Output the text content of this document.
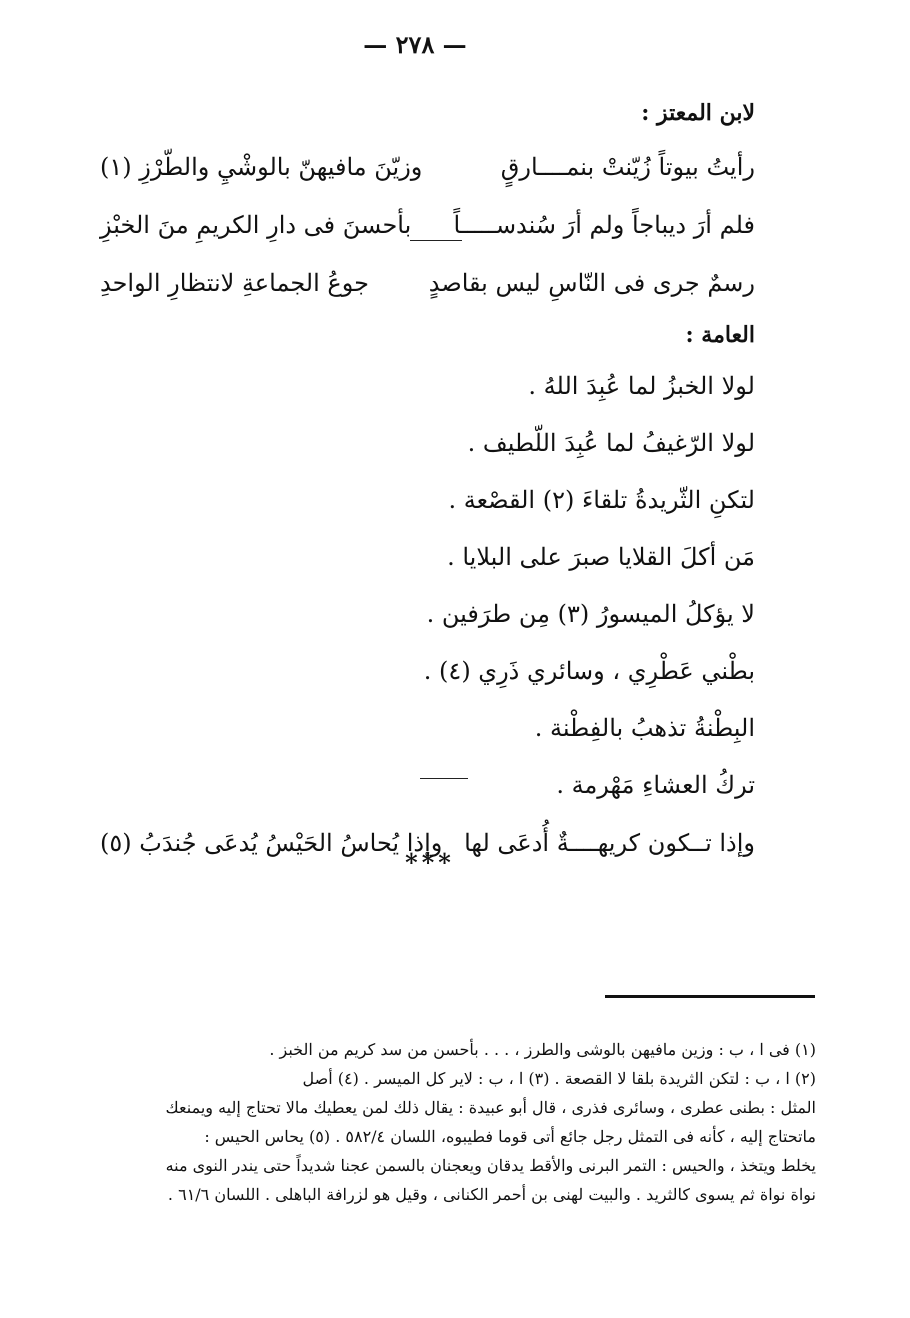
— ٢٧٨ —
لابن المعتز :
رأيتُ بيوتاً زُيّنتْ بنمــــارقٍ
وزيّنَ مافيهنّ بالوشْيِ والطّرْزِ (١)
فلم أرَ ديباجاً ولم أرَ سُندســـــاً
بأحسنَ فى دارِ الكريمِ منَ الخبْزِ
رسمٌ جرى فى النّاسِ ليس بقاصدٍ
جوعُ الجماعةِ لانتظارِ الواحدِ
العامة :
لولا الخبزُ لما عُبِدَ اللهُ .
لولا الرّغيفُ لما عُبِدَ اللّطيف .
لتكنِ الثّريدةُ تلقاءَ (٢) القصْعة .
مَن أكلَ القلايا صبرَ على البلايا .
لا يؤكلُ الميسورُ (٣) مِن طرَفين .
بطْني عَطْرِي ، وسائري ذَرِي (٤) .
البِطْنةُ تذهبُ بالفِطْنة .
تركُ العشاءِ مَهْرمة .
وإذا تــكون كريهــــةٌ أُدعَى لها
وإذا يُحاسُ الحَيْسُ يُدعَى جُندَبُ (٥)
***

(١) فى ا ، ب : وزين مافيهن بالوشى والطرز ، . . . بأحسن من سد كريم من الخبز .

(٢) ا ، ب : لتكن الثريدة بلقا لا القصعة . (٣) ا ، ب : لاير كل الميسر . (٤) أصل

المثل : بطنى عطرى ، وسائرى فذرى ، قال أبو عبيدة : يقال ذلك لمن يعطيك مالا تحتاج إليه ويمنعك

ماتحتاج إليه ، كأنه فى التمثل رجل جائع أتى قوما فطيبوه، اللسان ٥٨٢/٤ . (٥) يحاس الحيس :

يخلط ويتخذ ، والحيس : التمر البرنى والأقط يدقان ويعجنان بالسمن عجنا شديداً حتى يندر النوى منه

نواة نواة ثم يسوى كالثريد . والبيت لهنى بن أحمر الكنانى ، وقيل هو لزرافة الباهلى . اللسان ٦١/٦ .
